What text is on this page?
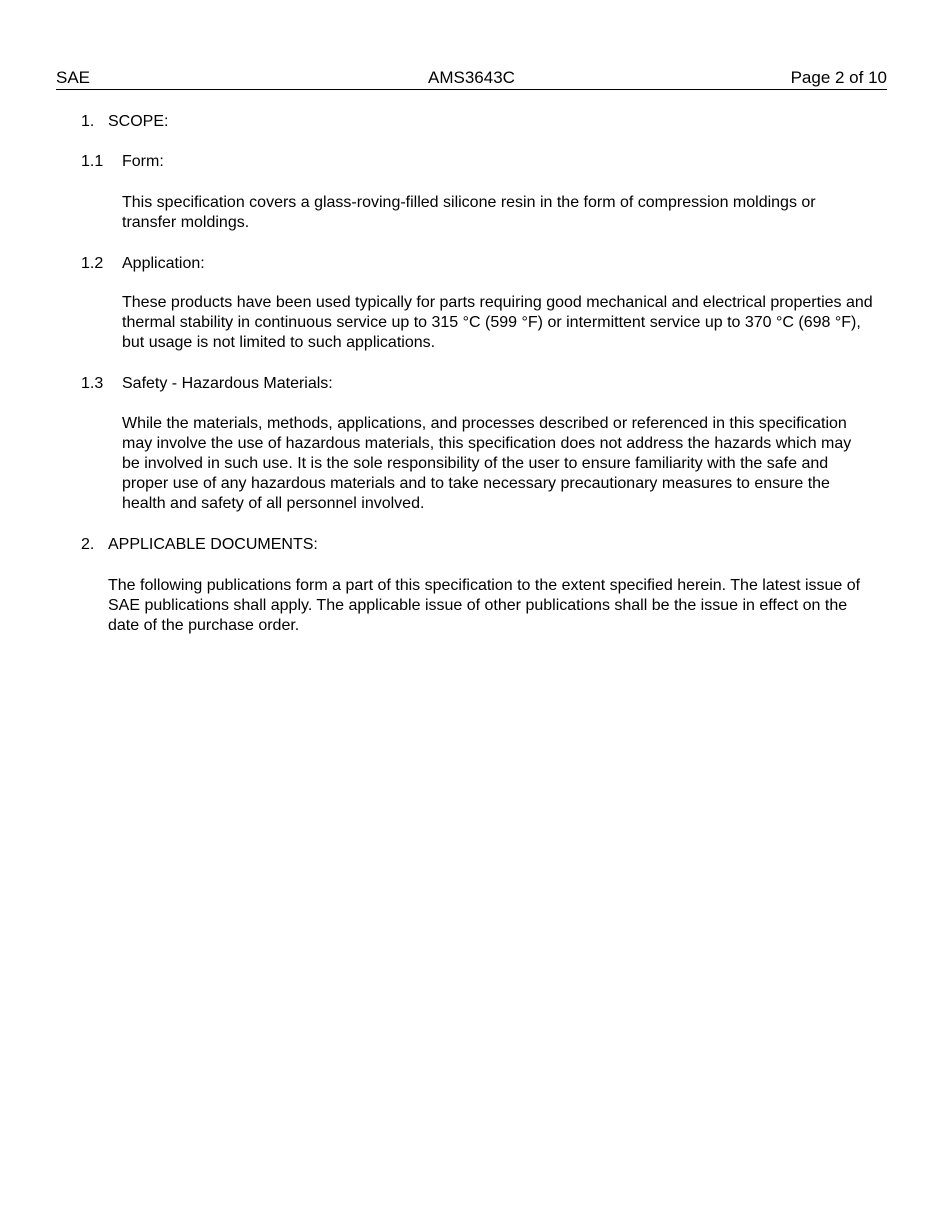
SAE	AMS3643C	Page 2 of 10
1. SCOPE:
1.1 Form:
This specification covers a glass-roving-filled silicone resin in the form of compression moldings or transfer moldings.
1.2 Application:
These products have been used typically for parts requiring good mechanical and electrical properties and thermal stability in continuous service up to 315 °C (599 °F) or intermittent service up to 370 °C (698 °F), but usage is not limited to such applications.
1.3 Safety - Hazardous Materials:
While the materials, methods, applications, and processes described or referenced in this specification may involve the use of hazardous materials, this specification does not address the hazards which may be involved in such use. It is the sole responsibility of the user to ensure familiarity with the safe and proper use of any hazardous materials and to take necessary precautionary measures to ensure the health and safety of all personnel involved.
2. APPLICABLE DOCUMENTS:
The following publications form a part of this specification to the extent specified herein. The latest issue of SAE publications shall apply. The applicable issue of other publications shall be the issue in effect on the date of the purchase order.
